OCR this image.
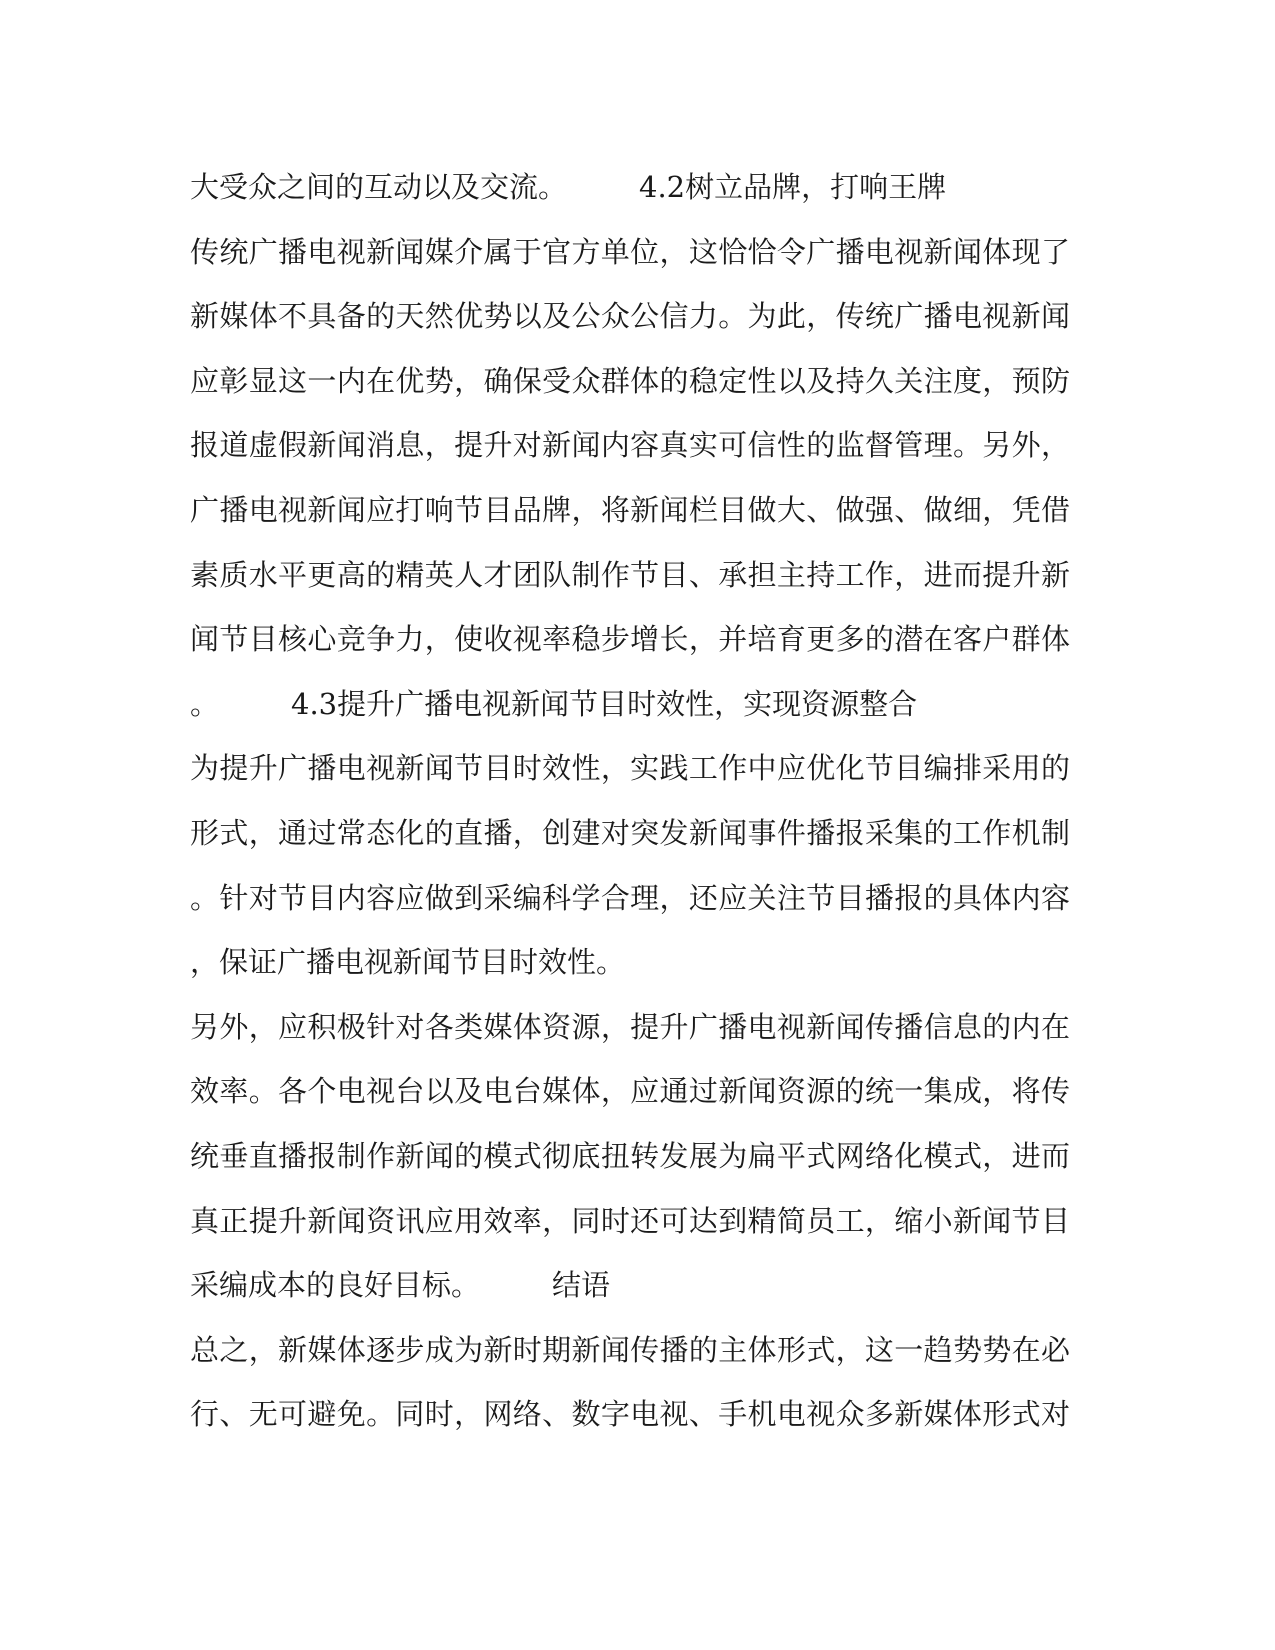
大受众之间的互动以及交流。 4.2树立品牌，打响王牌
传统广播电视新闻媒介属于官方单位，这恰恰令广播电视新闻体现了
新媒体不具备的天然优势以及公众公信力。为此，传统广播电视新闻
应彰显这一内在优势，确保受众群体的稳定性以及持久关注度，预防
报道虚假新闻消息，提升对新闻内容真实可信性的监督管理。另外，
广播电视新闻应打响节目品牌，将新闻栏目做大、做强、做细，凭借
素质水平更高的精英人才团队制作节目、承担主持工作，进而提升新
闻节目核心竞争力，使收视率稳步增长，并培育更多的潜在客户群体
。 4.3提升广播电视新闻节目时效性，实现资源整合
为提升广播电视新闻节目时效性，实践工作中应优化节目编排采用的
形式，通过常态化的直播，创建对突发新闻事件播报采集的工作机制
。针对节目内容应做到采编科学合理，还应关注节目播报的具体内容
，保证广播电视新闻节目时效性。
另外，应积极针对各类媒体资源，提升广播电视新闻传播信息的内在
效率。各个电视台以及电台媒体，应通过新闻资源的统一集成，将传
统垂直播报制作新闻的模式彻底扭转发展为扁平式网络化模式，进而
真正提升新闻资讯应用效率，同时还可达到精简员工，缩小新闻节目
采编成本的良好目标。 结语
总之，新媒体逐步成为新时期新闻传播的主体形式，这一趋势势在必
行、无可避免。同时，网络、数字电视、手机电视众多新媒体形式对
